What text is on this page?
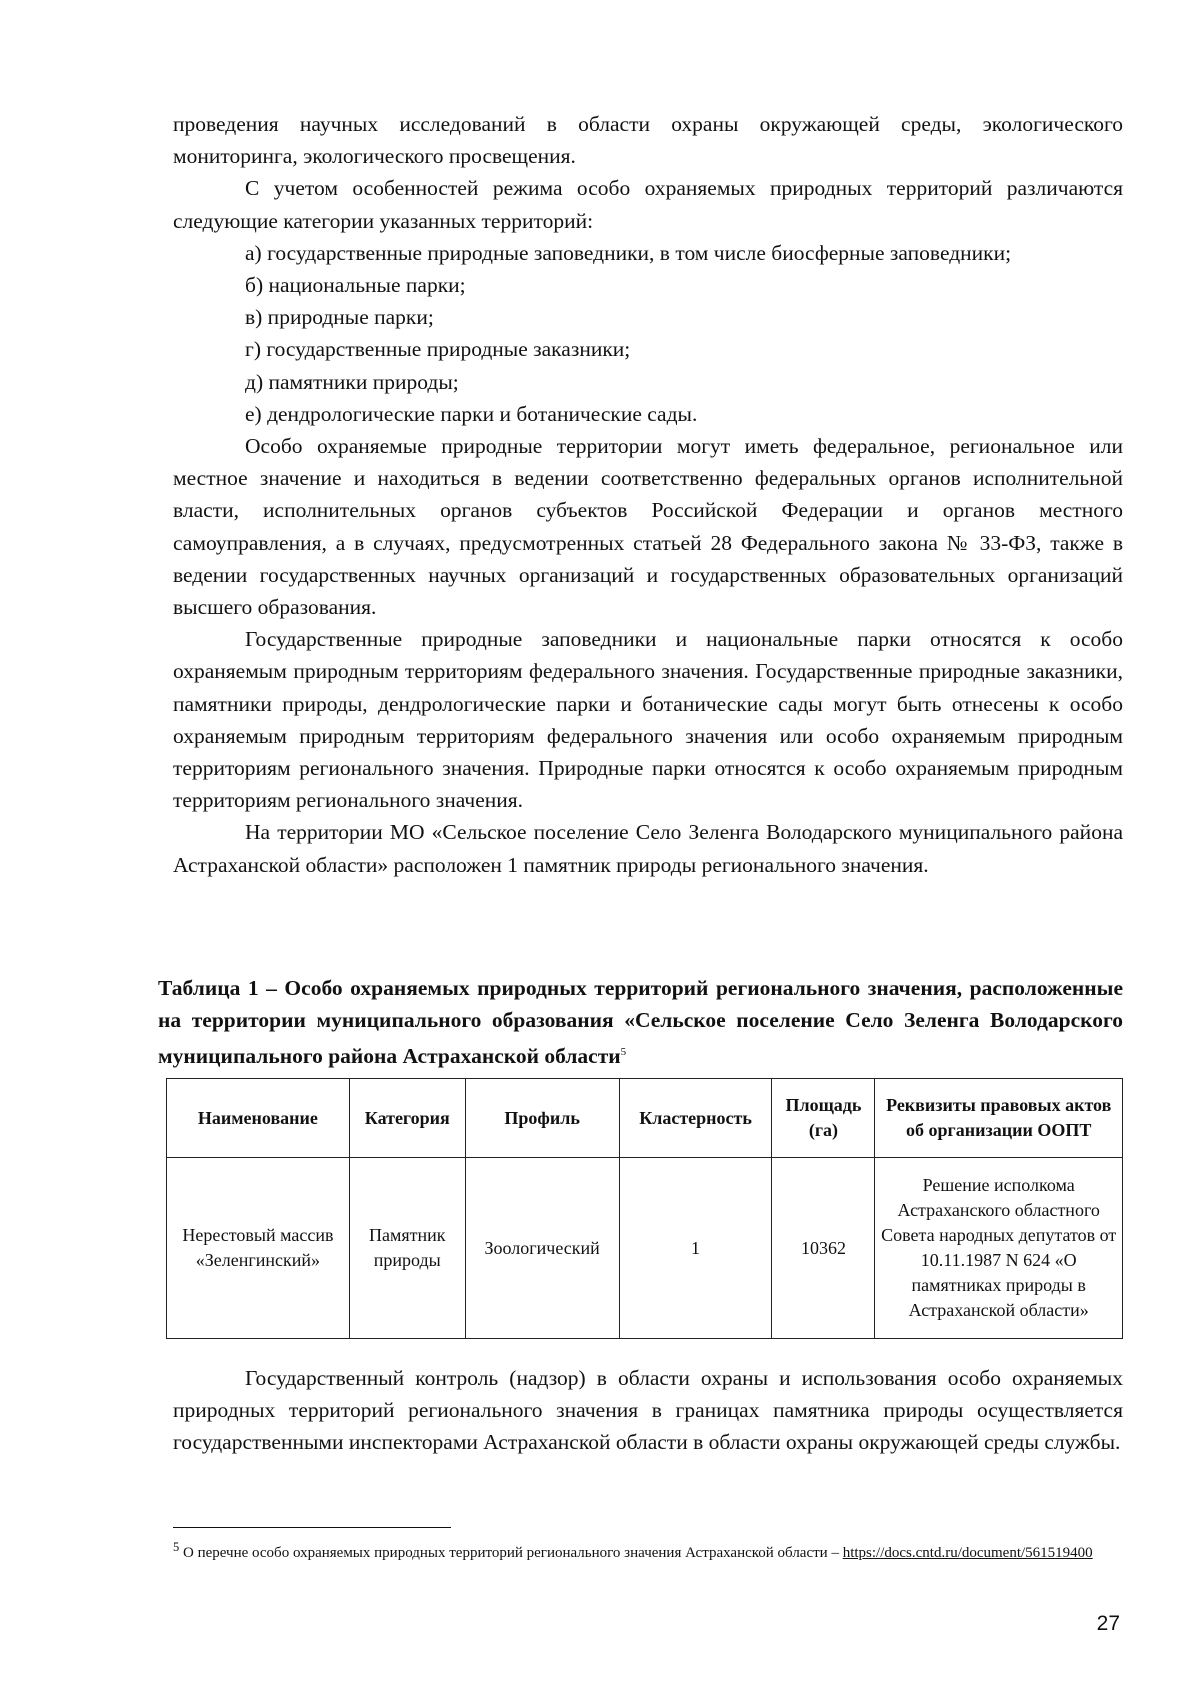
проведения научных исследований в области охраны окружающей среды, экологического мониторинга, экологического просвещения.

С учетом особенностей режима особо охраняемых природных территорий различаются следующие категории указанных территорий:

а) государственные природные заповедники, в том числе биосферные заповедники;

б) национальные парки;

в) природные парки;

г) государственные природные заказники;

д) памятники природы;

е) дендрологические парки и ботанические сады.

Особо охраняемые природные территории могут иметь федеральное, региональное или местное значение и находиться в ведении соответственно федеральных органов исполнительной власти, исполнительных органов субъектов Российской Федерации и органов местного самоуправления, а в случаях, предусмотренных статьей 28 Федерального закона № 33-ФЗ, также в ведении государственных научных организаций и государственных образовательных организаций высшего образования.

Государственные природные заповедники и национальные парки относятся к особо охраняемым природным территориям федерального значения. Государственные природные заказники, памятники природы, дендрологические парки и ботанические сады могут быть отнесены к особо охраняемым природным территориям федерального значения или особо охраняемым природным территориям регионального значения. Природные парки относятся к особо охраняемым природным территориям регионального значения.

На территории МО «Сельское поселение Село Зеленга Володарского муниципального района Астраханской области» расположен 1 памятник природы регионального значения.

Таблица 1 – Особо охраняемых природных территорий регионального значения, расположенные на территории муниципального образования «Сельское поселение Село Зеленга Володарского муниципального района Астраханской области$^5$
Наименование	Категория	Профиль	Кластерность	Площадь (га)	Реквизиты правовых актов об организации ООПТ
Нерестовый массив «Зеленгинский»	Памятник природы	Зоологический	1	10362	Решение исполкома Астраханского областного Совета народных депутатов от 10.11.1987 N 624 «О памятниках природы в Астраханской области»

Государственный контроль (надзор) в области охраны и использования особо охраняемых природных территорий регионального значения в границах памятника природы осуществляется государственными инспекторами Астраханской области в области охраны окружающей среды службы.

$^5$ О перечне особо охраняемых природных территорий регионального значения Астраханской области – https://docs.cntd.ru/document/561519400
27
